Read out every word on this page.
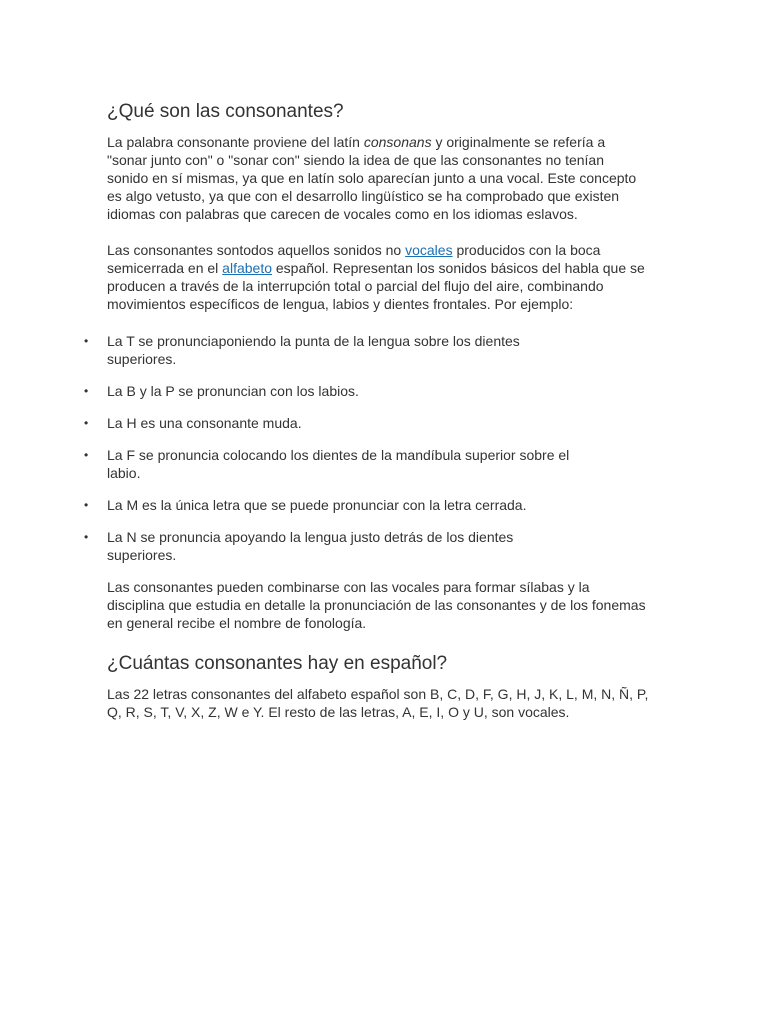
¿Qué son las consonantes?

La palabra consonante proviene del latín consonans y originalmente se refería a "sonar junto con" o "sonar con" siendo la idea de que las consonantes no tenían sonido en sí mismas, ya que en latín solo aparecían junto a una vocal. Este concepto es algo vetusto, ya que con el desarrollo lingüístico se ha comprobado que existen idiomas con palabras que carecen de vocales como en los idiomas eslavos.

Las consonantes sontodos aquellos sonidos no vocales producidos con la boca semicerrada en el alfabeto español. Representan los sonidos básicos del habla que se producen a través de la interrupción total o parcial del flujo del aire, combinando movimientos específicos de lengua, labios y dientes frontales. Por ejemplo:

• La T se pronunciaponiendo la punta de la lengua sobre los dientes superiores.
• La B y la P se pronuncian con los labios.
• La H es una consonante muda.
• La F se pronuncia colocando los dientes de la mandíbula superior sobre el labio.
• La M es la única letra que se puede pronunciar con la letra cerrada.
• La N se pronuncia apoyando la lengua justo detrás de los dientes superiores.

Las consonantes pueden combinarse con las vocales para formar sílabas y la disciplina que estudia en detalle la pronunciación de las consonantes y de los fonemas en general recibe el nombre de fonología.

¿Cuántas consonantes hay en español?

Las 22 letras consonantes del alfabeto español son B, C, D, F, G, H, J, K, L, M, N, Ñ, P, Q, R, S, T, V, X, Z, W e Y. El resto de las letras, A, E, I, O y U, son vocales.
